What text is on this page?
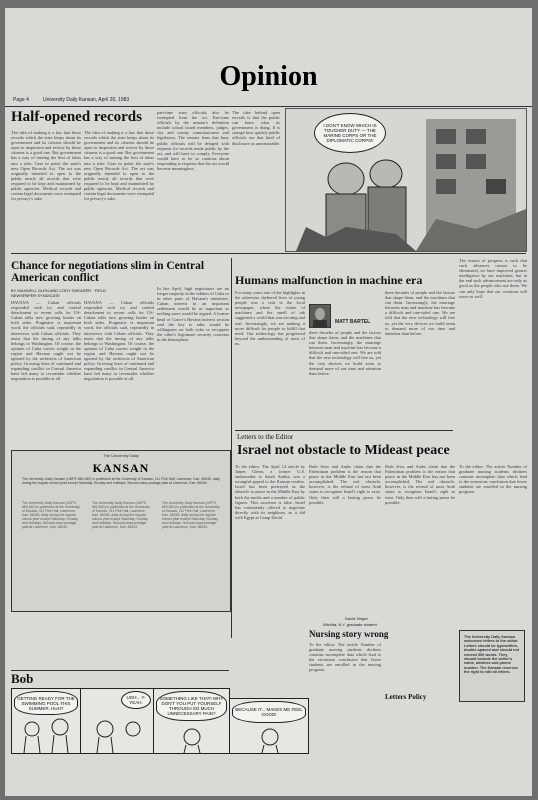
Opinion
Page 4	University Daily Kansan, April 20, 1983
Half-opened records
The idea of making it a law that those records which the state keeps about its government and its citizens should be open to inspection and review by those citizens is a good one. But government has a way of turning the best of ideas into a joke. Case in point: the state's new Open Records Act. The act was originally intended to open to the public nearly all records that were required to be kept and maintained by public agencies. Medical records and certain legal documents were exempted for privacy's sake.
The idea of making it a law that those records which the state keeps about its government and its citizens should be open to inspection and review by those citizens is a good one. But government has a way of turning the best of ideas into a joke. Case in point: the state's new Open Records Act. The act was originally intended to open to the public nearly all records that were required to be kept and maintained by public agencies. Medical records and certain legal documents were exempted for privacy's sake.
part-time state officials also be exempted from the act. Part-time officials by the senator's definition include school board members, judges, city and county commissioners and legislators. The senator fears that busy public officials will be deluged with requests for records made public by the act, and will have to comply. Everyone would have to be so cautious about responding to requests that the act would become meaningless.
The idea behind open records is that the public can know what its government is doing. It is strange how quickly public officials see that kind of disclosure as unreasonable.
I DON'T KNOW WHICH IS TOUGHER DUTY — THE MARINE CORPS OR THE DIPLOMATIC CORPS!!
Chance for negotiations slim in Central American conflict
BY MAXWELL GLEN AND CODY SHEARER · FIELD NEWSPAPER SYNDICATE
HAVANA — Cuban officials responded with icy and careful detachment to recent calls for US-Cuban talks now growing louder on both sides. Pragmatic is important word, the officials said, repeatedly in interviews with Cuban officials. They insist that the timing of any talks belongs to Washington. Of course, the opinion of Cuba carries weight in the region and Havana ought not be ignored by the architects of American policy. Growing fears of continued and expanding conflict in Central America have led many to reconsider whether negotiation is possible at all.
HAVANA — Cuban officials responded with icy and careful detachment to recent calls for US-Cuban talks now growing louder on both sides. Pragmatic is important word, the officials said, repeatedly in interviews with Cuban officials. They insist that the timing of any talks belongs to Washington. Of course, the opinion of Cuba carries weight in the region and Havana ought not be ignored by the architects of American policy. Growing fears of continued and expanding conflict in Central America have led many to reconsider whether negotiation is possible at all.
In late April, high negotiators are no longer majority in the lobbies of Cuba or in other parts of Havana's ministries. Cuban interest in an important settlement would be as important as nothing more would be argued. A former head of Carter's Havana interest section said the key to talks would be willingness on both sides to recognize the other's legitimate security concerns in the hemisphere.
Humans malfunction in machine era
For many years one of the highlights in the otherwise sheltered lives of young people was a visit to the local newspaper, where the clatter of machines and the smell of ink suggested a world that was exciting and real. Increasingly, we are making it more difficult for people to fulfill that need. Our technology has progressed beyond the understanding of most of us.
MATT BARTEL
three decades of people and the factors that shape them, and the machines that run them. Increasingly, the marriage between man and machine has become a difficult and one-sided one. We are told that the new technology will free us, yet the very devices we build seem to demand more of our time and attention than before.
three decades of people and the factors that shape them, and the machines that run them. Increasingly, the marriage between man and machine has become a difficult and one-sided one. We are told that the new technology will free us, yet the very devices we build seem to demand more of our time and attention than before.
The reason of progress is such that such advances cannot to be eliminated; we have improved greater intelligence by our machines, but in the end such advancement are only as good as the people who use them. We can only hope that our creations will serve us well.
The University Daily
KANSAN
The University Daily Kansan (USPS 650-640) is published at the University of Kansas, 111 Flint Hall, Lawrence, Kan. 66045, daily during the regular school year except Saturday, Sunday and holidays. Second-class postage paid at Lawrence, Kan. 66044.
The University Daily Kansan (USPS 650-640) is published at the University of Kansas, 111 Flint Hall, Lawrence, Kan. 66045, daily during the regular school year except Saturday, Sunday and holidays. Second-class postage paid at Lawrence, Kan. 66044.
The University Daily Kansan (USPS 650-640) is published at the University of Kansas, 111 Flint Hall, Lawrence, Kan. 66045, daily during the regular school year except Saturday, Sunday and holidays. Second-class postage paid at Lawrence, Kan. 66044.
The University Daily Kansan (USPS 650-640) is published at the University of Kansas, 111 Flint Hall, Lawrence, Kan. 66045, daily during the regular school year except Saturday, Sunday and holidays. Second-class postage paid at Lawrence, Kan. 66044.
Letters to the Editor
Israel not obstacle to Mideast peace
To the editor: The April 14 article by James Glenn, a former U.S. ambassador to Saudi Arabia, was a wrongful appeal to the Kansan readers. Israel has been portrayed as the obstacle to peace in the Middle East by both the media and a number of public figures. This assertion is false. Israel has consistently offered to negotiate directly with its neighbors, as it did with Egypt at Camp David.
Both Jews and Arabs claim that the Palestinian problem is the reason that peace in the Middle East has not been accomplished. The real obstacle, however, is the refusal of most Arab states to recognize Israel's right to exist. Only then will a lasting peace be possible.
David Singer
Wichita, N.Y. graduate student
Nursing story wrong
To the editor: The article Number of graduate nursing students declines contains incomplete data which lead to the erroneous conclusion that fewer students are enrolled in the nursing program.
Both Jews and Arabs claim that the Palestinian problem is the reason that peace in the Middle East has not been accomplished. The real obstacle, however, is the refusal of most Arab states to recognize Israel's right to exist. Only then will a lasting peace be possible.
To the editor: The article Number of graduate nursing students declines contains incomplete data which lead to the erroneous conclusion that fewer students are enrolled in the nursing program.
The University Daily Kansan welcomes letters to the editor. Letters should be typewritten, double-spaced and should not exceed 300 words. They should include the writer's name, address and phone number. The Kansan reserves the right to edit all letters.
Letters Policy
Bob
GETTING READY FOR THE SWIMMING POOL THIS SUMMER, HUH?
UGH... Y-YEAH.
SOMETHING LIKE THAT! WHY DON'T YOU PUT YOURSELF THROUGH SO MUCH UNNECESSARY PAIN?
BECAUSE IT... MAKES ME FEEL GOOD!
